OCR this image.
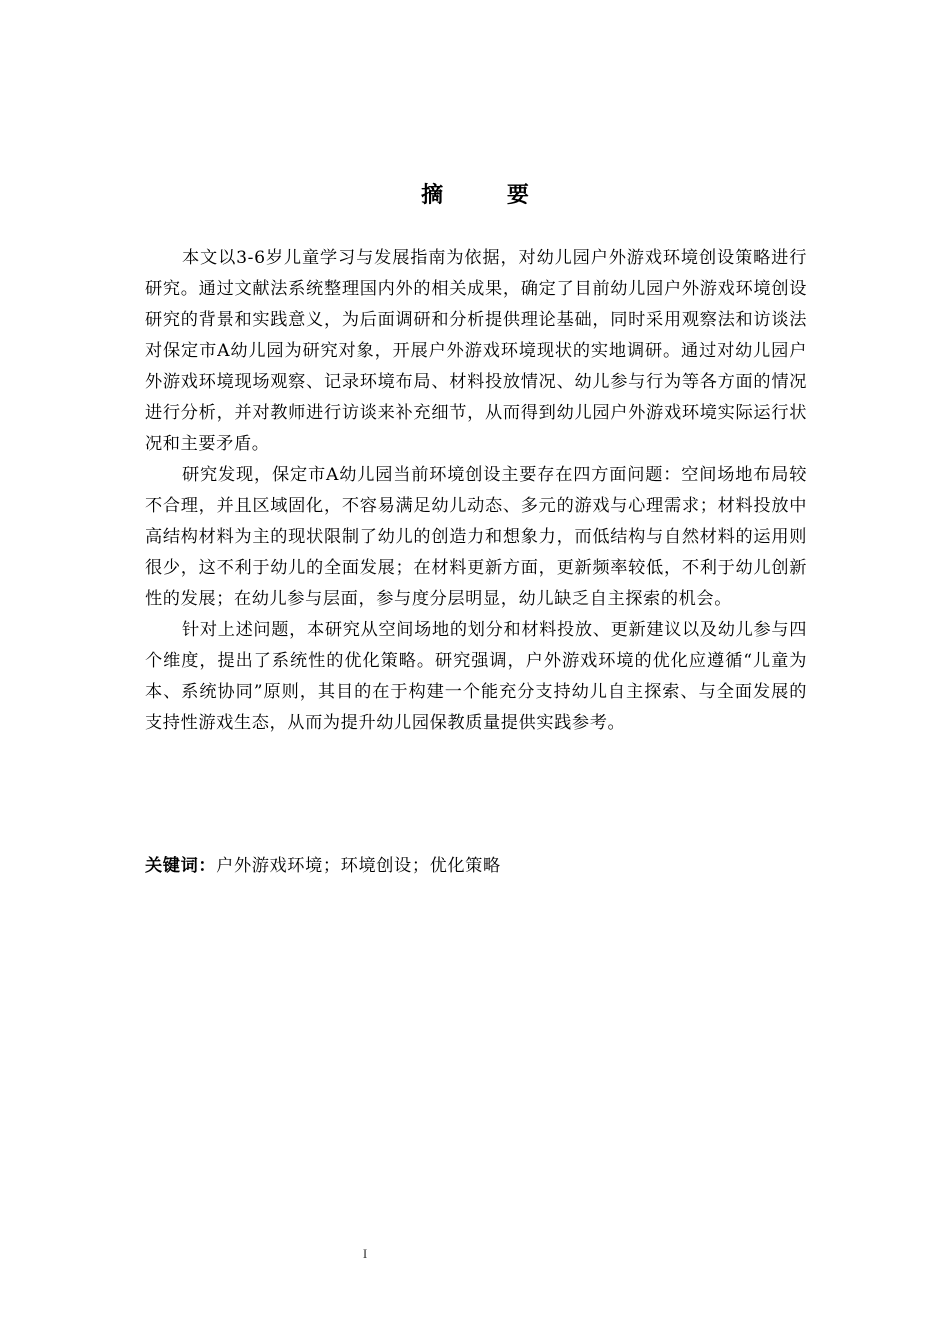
摘 要

本文以3-6岁儿童学习与发展指南为依据，对幼儿园户外游戏环境创设策略进行研究。通过文献法系统整理国内外的相关成果，确定了目前幼儿园户外游戏环境创设研究的背景和实践意义，为后面调研和分析提供理论基础，同时采用观察法和访谈法对保定市A幼儿园为研究对象，开展户外游戏环境现状的实地调研。通过对幼儿园户外游戏环境现场观察、记录环境布局、材料投放情况、幼儿参与行为等各方面的情况进行分析，并对教师进行访谈来补充细节，从而得到幼儿园户外游戏环境实际运行状况和主要矛盾。

研究发现，保定市A幼儿园当前环境创设主要存在四方面问题：空间场地布局较不合理，并且区域固化，不容易满足幼儿动态、多元的游戏与心理需求；材料投放中高结构材料为主的现状限制了幼儿的创造力和想象力，而低结构与自然材料的运用则很少，这不利于幼儿的全面发展；在材料更新方面，更新频率较低，不利于幼儿创新性的发展；在幼儿参与层面，参与度分层明显，幼儿缺乏自主探索的机会。

针对上述问题，本研究从空间场地的划分和材料投放、更新建议以及幼儿参与四个维度，提出了系统性的优化策略。研究强调，户外游戏环境的优化应遵循“儿童为本、系统协同”原则，其目的在于构建一个能充分支持幼儿自主探索、与全面发展的支持性游戏生态，从而为提升幼儿园保教质量提供实践参考。

关键词：户外游戏环境；环境创设；优化策略
I
